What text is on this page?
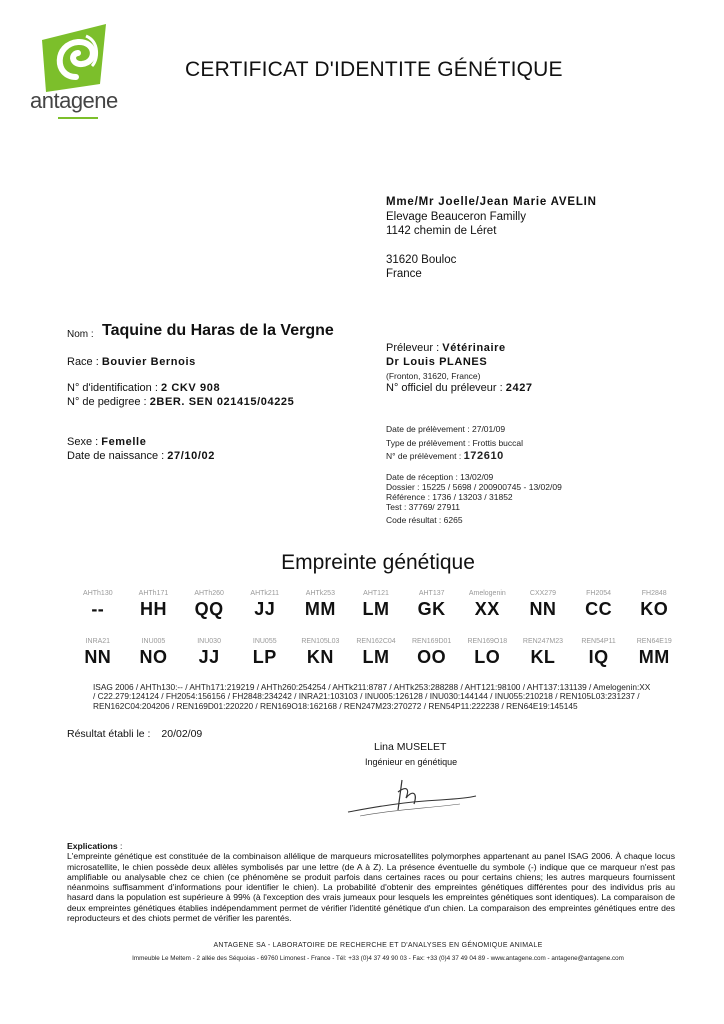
antagene
CERTIFICAT D'IDENTITE GÉNÉTIQUE
Mme/Mr Joelle/Jean Marie AVELIN
Elevage Beauceron Familly
1142 chemin de Léret
31620 Bouloc
France
Nom : Taquine du Haras de la Vergne
Race : Bouvier Bernois
N° d'identification : 2 CKV 908
N° de pedigree : 2BER. SEN 021415/04225
Sexe : Femelle
Date de naissance : 27/10/02
Préleveur : Vétérinaire
Dr Louis PLANES
(Fronton, 31620, France)
N° officiel du préleveur : 2427
Date de prélèvement : 27/01/09
Type de prélèvement : Frottis buccal
N° de prélèvement : 172610
Date de réception : 13/02/09
Dossier : 15225 / 5698 / 200900745 - 13/02/09
Référence : 1736 / 13203 / 31852
Test : 37769/ 27911
Code résultat : 6265
Empreinte génétique
AHTh130
--
AHTh171
HH
AHTh260
QQ
AHTk211
JJ
AHTk253
MM
AHT121
LM
AHT137
GK
Amelogenin
XX
CXX279
NN
FH2054
CC
FH2848
KO
INRA21
NN
INU005
NO
INU030
JJ
INU055
LP
REN105L03
KN
REN162C04
LM
REN169D01
OO
REN169O18
LO
REN247M23
KL
REN54P11
IQ
REN64E19
MM
ISAG 2006 / AHTh130:-- / AHTh171:219219 / AHTh260:254254 / AHTk211:8787 / AHTk253:288288 / AHT121:98100 / AHT137:131139 / Amelogenin:XX / C22.279:124124 / FH2054:156156 / FH2848:234242 / INRA21:103103 / INU005:126128 / INU030:144144 / INU055:210218 / REN105L03:231237 / REN162C04:204206 / REN169D01:220220 / REN169O18:162168 / REN247M23:270272 / REN54P11:222238 / REN64E19:145145
Résultat établi le : 20/02/09
Lina MUSELET
Ingénieur en génétique
Explications :
L'empreinte génétique est constituée de la combinaison allélique de marqueurs microsatellites polymorphes appartenant au panel ISAG 2006. À chaque locus microsatellite, le chien possède deux allèles symbolisés par une lettre (de A à Z). La présence éventuelle du symbole (-) indique que ce marqueur n'est pas amplifiable ou analysable chez ce chien (ce phénomène se produit parfois dans certaines races ou pour certains chiens; les autres marqueurs fournissent néanmoins suffisamment d'informations pour identifier le chien). La probabilité d'obtenir des empreintes génétiques différentes pour des individus pris au hasard dans la population est supérieure à 99% (à l'exception des vrais jumeaux pour lesquels les empreintes génétiques sont identiques). La comparaison de deux empreintes génétiques établies indépendamment permet de vérifier l'identité génétique d'un chien. La comparaison des empreintes génétiques entre des reproducteurs et des chiots permet de vérifier les parentés.
ANTAGENE SA - LABORATOIRE DE RECHERCHE ET D'ANALYSES EN GÉNOMIQUE ANIMALE
Immeuble Le Meltem - 2 allée des Séquoias - 69760 Limonest - France - Tél: +33 (0)4 37 49 90 03 - Fax: +33 (0)4 37 49 04 89 - www.antagene.com - antagene@antagene.com
